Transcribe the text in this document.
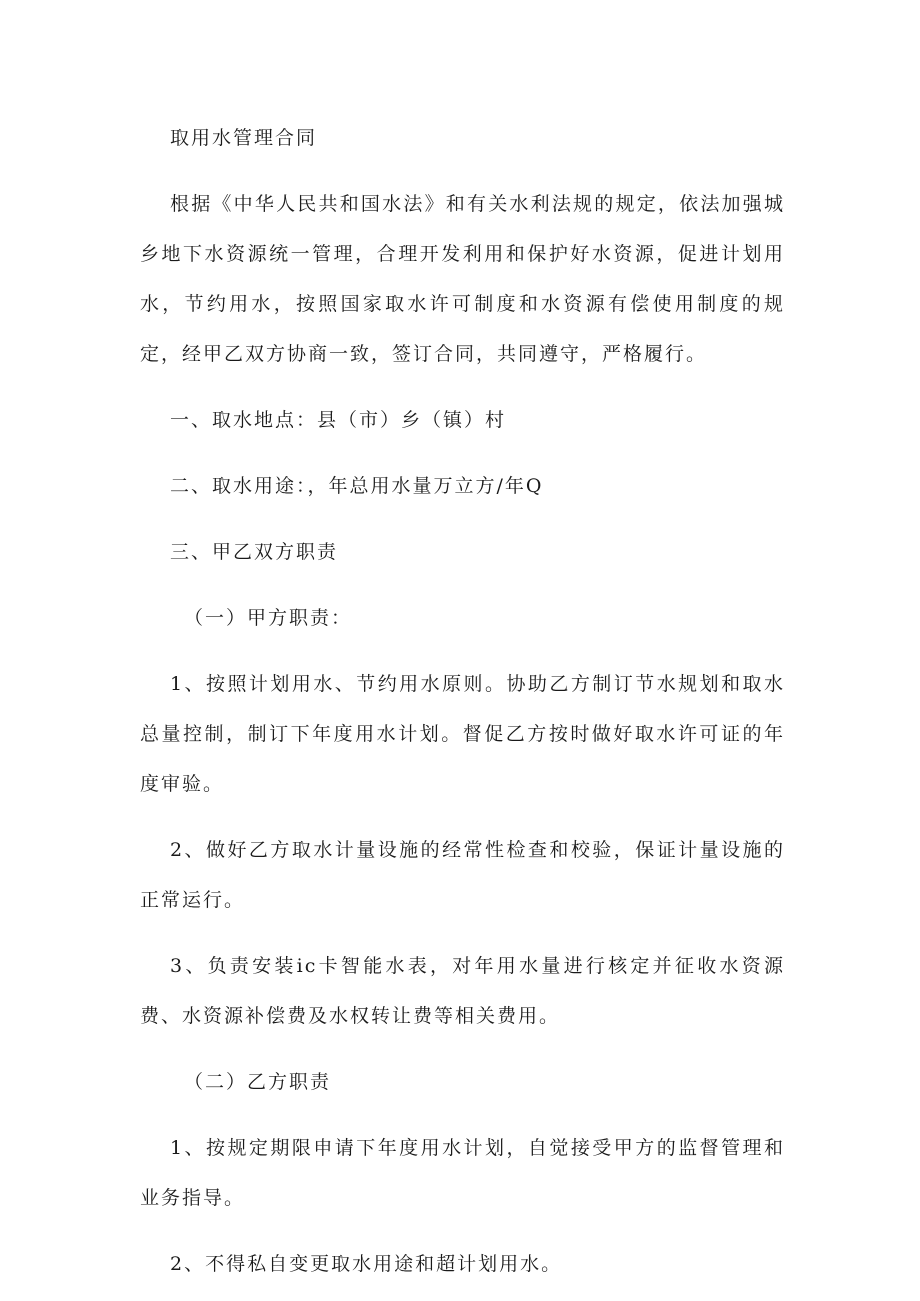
取用水管理合同

根据《中华人民共和国水法》和有关水利法规的规定，依法加强城乡地下水资源统一管理，合理开发利用和保护好水资源，促进计划用水，节约用水，按照国家取水许可制度和水资源有偿使用制度的规定，经甲乙双方协商一致，签订合同，共同遵守，严格履行。

一、取水地点：县（市）乡（镇）村

二、取水用途：，年总用水量万立方/年Q

三、甲乙双方职责

（一）甲方职责：

1、按照计划用水、节约用水原则。协助乙方制订节水规划和取水总量控制，制订下年度用水计划。督促乙方按时做好取水许可证的年度审验。

2、做好乙方取水计量设施的经常性检查和校验，保证计量设施的正常运行。

3、负责安装ic卡智能水表，对年用水量进行核定并征收水资源费、水资源补偿费及水权转让费等相关费用。

（二）乙方职责

1、按规定期限申请下年度用水计划，自觉接受甲方的监督管理和业务指导。

2、不得私自变更取水用途和超计划用水。
